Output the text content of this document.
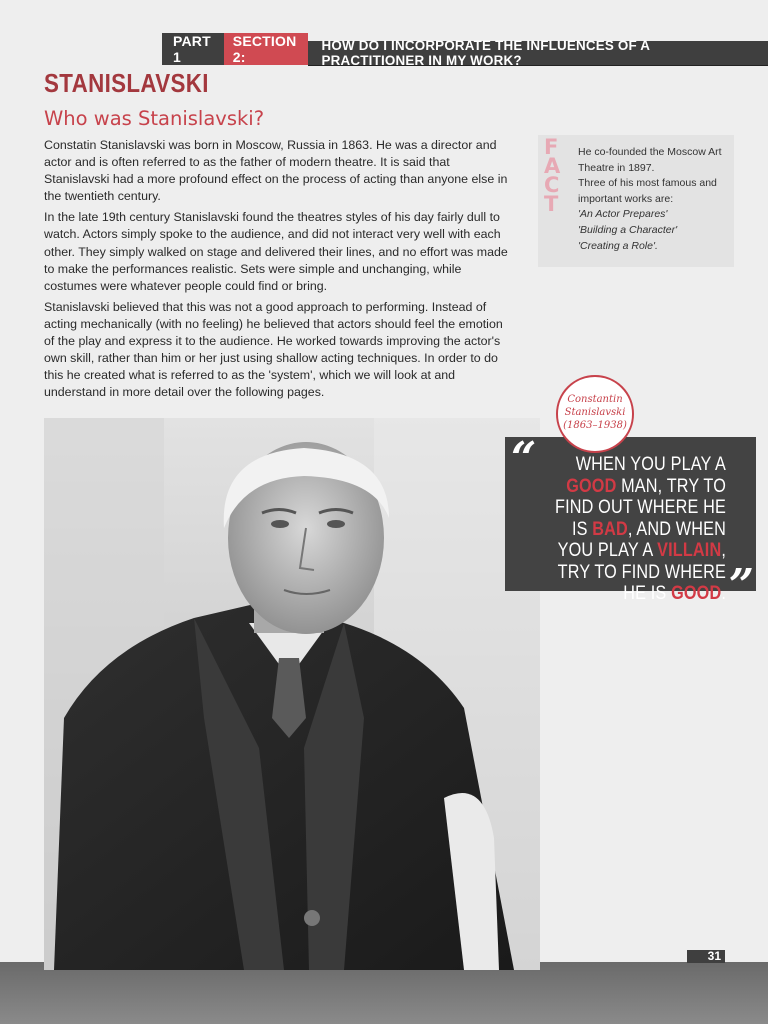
PART 1
SECTION 2:
HOW DO I INCORPORATE THE INFLUENCES OF A PRACTITIONER IN MY WORK?
STANISLAVSKI
Who was Stanislavski?

Constatin Stanislavski was born in Moscow, Russia in 1863. He was a director and actor and is often referred to as the father of modern theatre. It is said that Stanislavski had a more profound effect on the process of acting than anyone else in the twentieth century.

In the late 19th century Stanislavski found the theatres styles of his day fairly dull to watch. Actors simply spoke to the audience, and did not interact very well with each other. They simply walked on stage and delivered their lines, and no effort was made to make the performances realistic. Sets were simple and unchanging, while costumes were whatever people could find or bring.

Stanislavski believed that this was not a good approach to performing. Instead of acting mechanically (with no feeling) he believed that actors should feel the emotion of the play and express it to the audience. He worked towards improving the actor's own skill, rather than him or her just using shallow acting techniques. In order to do this he created what is referred to as the 'system', which we will look at and understand in more detail over the following pages.

F
A
C
T
He co-founded the Moscow Art Theatre in 1897.
Three of his most famous and important works are:
'An Actor Prepares'
'Building a Character'
'Creating a Role'.
“	WHEN YOU PLAY A GOOD MAN, TRY TO FIND OUT WHERE HE IS BAD, AND WHEN YOU PLAY A VILLAIN, TRY TO FIND WHERE HE IS GOOD. ”
Constantin Stanislavski
(1863–1938)
31
